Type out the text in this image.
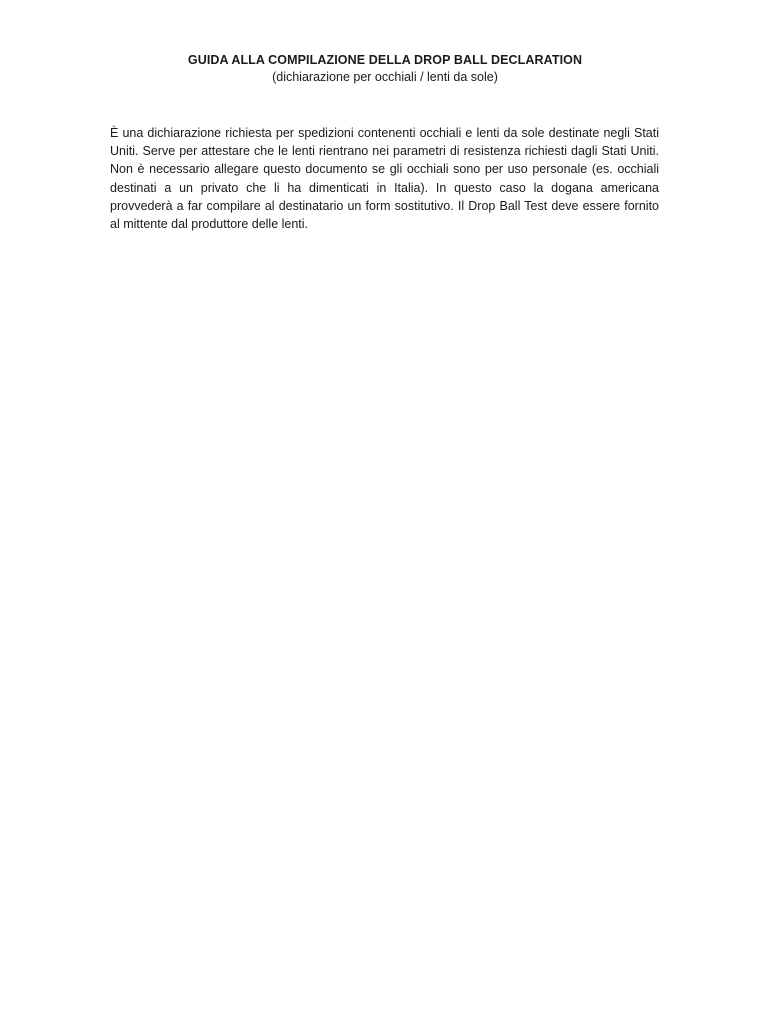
GUIDA ALLA COMPILAZIONE DELLA DROP BALL DECLARATION

(dichiarazione per occhiali / lenti da sole)

È una dichiarazione richiesta per spedizioni contenenti occhiali e lenti da sole destinate negli Stati Uniti. Serve per attestare che le lenti rientrano nei parametri di resistenza richiesti dagli Stati Uniti. Non è necessario allegare questo documento se gli occhiali sono per uso personale (es. occhiali destinati a un privato che li ha dimenticati in Italia). In questo caso la dogana americana provvederà a far compilare al destinatario un form sostitutivo. Il Drop Ball Test deve essere fornito al mittente dal produttore delle lenti.
